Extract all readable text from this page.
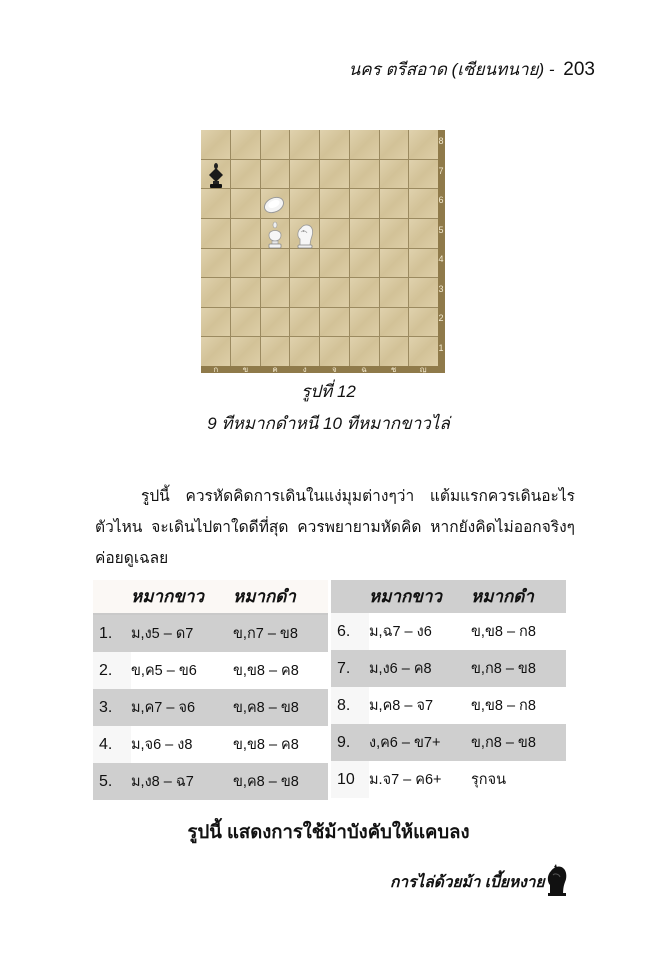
นคร ตรีสอาด (เซียนทนาย) - 203
8
7
6
5
4
3
2
1
ก	ข	ค	ง	จ	ฉ	ช	ญ
รูปที่ 12
9 ทีหมากดำหนี 10 ทีหมากขาวไล่
รูปนี้ ควรหัดคิดการเดินในแง่มุมต่างๆว่า แต้มแรกควรเดินอะไร ตัวไหน จะเดินไปตาใดดีที่สุด ควรพยายามหัดคิด หากยังคิดไม่ออกจริงๆ ค่อยดูเฉลย
	หมากขาว	หมากดำ
1.	ม,ง5 – ด7	ข,ก7 – ข8
2.	ข,ค5 – ข6	ข,ข8 – ค8
3.	ม,ค7 – จ6	ข,ค8 – ข8
4.	ม,จ6 – ง8	ข,ข8 – ค8
5.	ม,ง8 – ฉ7	ข,ค8 – ข8
	หมากขาว	หมากดำ
6.	ม,ฉ7 – ง6	ข,ข8 – ก8
7.	ม,ง6 – ค8	ข,ก8 – ข8
8.	ม,ค8 – จ7	ข,ข8 – ก8
9.	ง,ค6 – ข7+	ข,ก8 – ข8
10	ม.จ7 – ค6+	รุกจน
รูปนี้ แสดงการใช้ม้าบังคับให้แคบลง
การไล่ด้วยม้า เบี้ยหงาย
